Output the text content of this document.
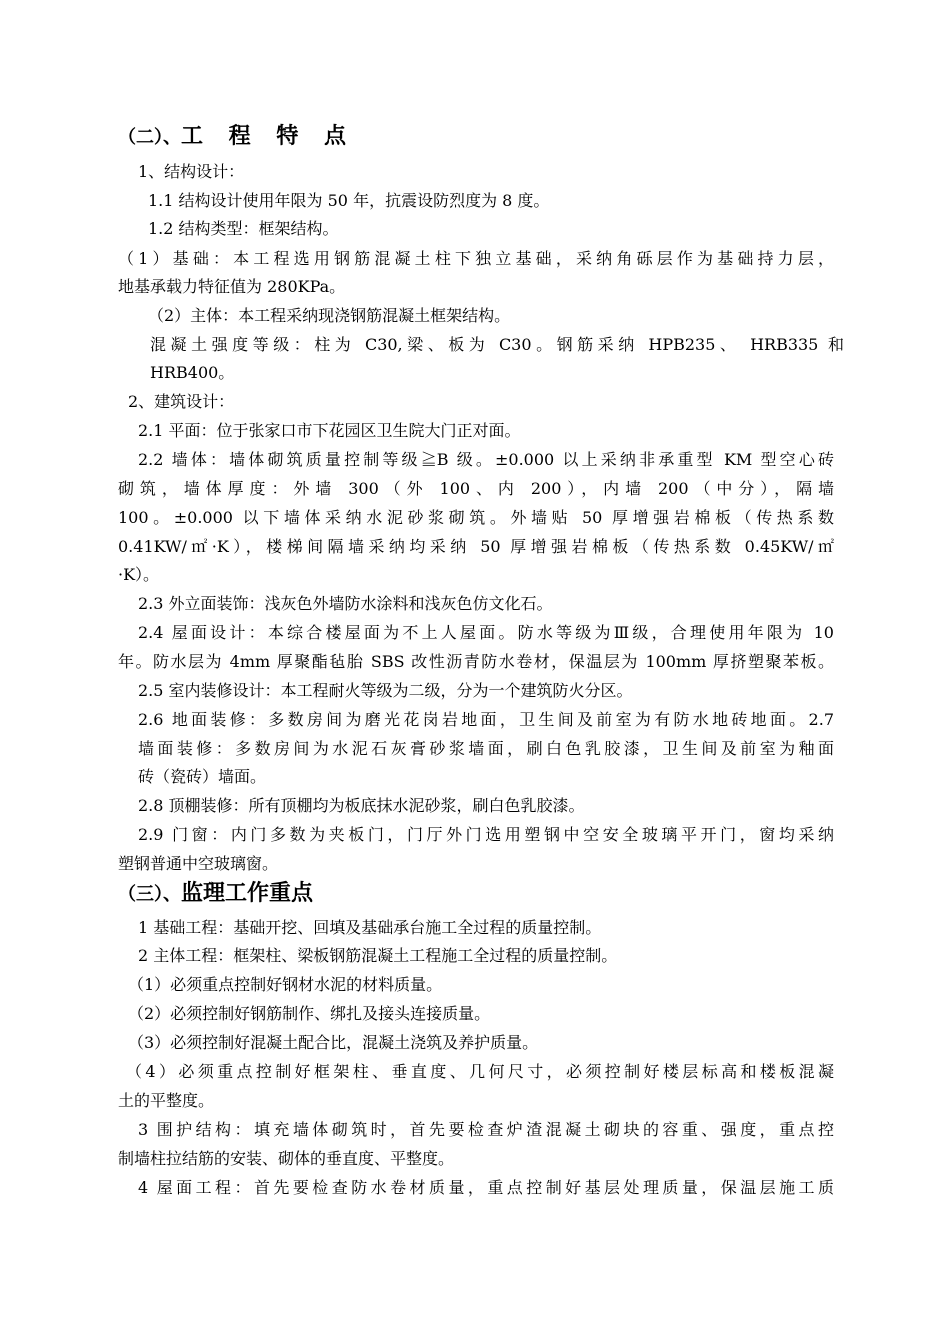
（二）、工 程 特 点

1、结构设计：

1.1 结构设计使用年限为 50 年，抗震设防烈度为 8 度。

1.2 结构类型：框架结构。

（1）基础：本工程选用钢筋混凝土柱下独立基础，采纳角砾层作为基础持力层，

地基承载力特征值为 280KPa。

（2）主体：本工程采纳现浇钢筋混凝土框架结构。

混凝土强度等级：柱为 C30,梁、板为 C30。钢筋采纳 HPB235、 HRB335 和

HRB400。

2、建筑设计：

2.1 平面：位于张家口市下花园区卫生院大门正对面。

2.2 墙体：墙体砌筑质量控制等级≧B 级。±0.000 以上采纳非承重型 KM 型空心砖

砌筑，墙体厚度：外墙 300（外 100、内 200），内墙 200（中分），隔墙

100。±0.000 以下墙体采纳水泥砂浆砌筑。外墙贴 50 厚增强岩棉板（传热系数

0.41KW/㎡·K），楼梯间隔墙采纳均采纳 50 厚增强岩棉板（传热系数 0.45KW/㎡

·K）。

2.3 外立面装饰：浅灰色外墙防水涂料和浅灰色仿文化石。

2.4 屋面设计：本综合楼屋面为不上人屋面。防水等级为Ⅲ级，合理使用年限为 10

年。防水层为 4mm 厚聚酯毡胎 SBS 改性沥青防水卷材，保温层为 100mm 厚挤塑聚苯板。

2.5 室内装修设计：本工程耐火等级为二级，分为一个建筑防火分区。

2.6 地面装修：多数房间为磨光花岗岩地面，卫生间及前室为有防水地砖地面。2.7

墙面装修：多数房间为水泥石灰膏砂浆墙面，刷白色乳胶漆，卫生间及前室为釉面

砖（瓷砖）墙面。

2.8 顶棚装修：所有顶棚均为板底抹水泥砂浆，刷白色乳胶漆。

2.9 门窗：内门多数为夹板门，门厅外门选用塑钢中空安全玻璃平开门，窗均采纳

塑钢普通中空玻璃窗。

（三）、监理工作重点

1 基础工程：基础开挖、回填及基础承台施工全过程的质量控制。

2 主体工程：框架柱、梁板钢筋混凝土工程施工全过程的质量控制。

（1）必须重点控制好钢材水泥的材料质量。

（2）必须控制好钢筋制作、绑扎及接头连接质量。

（3）必须控制好混凝土配合比，混凝土浇筑及养护质量。

（4）必须重点控制好框架柱、垂直度、几何尺寸，必须控制好楼层标高和楼板混凝

土的平整度。

3 围护结构：填充墙体砌筑时，首先要检查炉渣混凝土砌块的容重、强度，重点控

制墙柱拉结筋的安装、砌体的垂直度、平整度。

4 屋面工程：首先要检查防水卷材质量，重点控制好基层处理质量，保温层施工质
